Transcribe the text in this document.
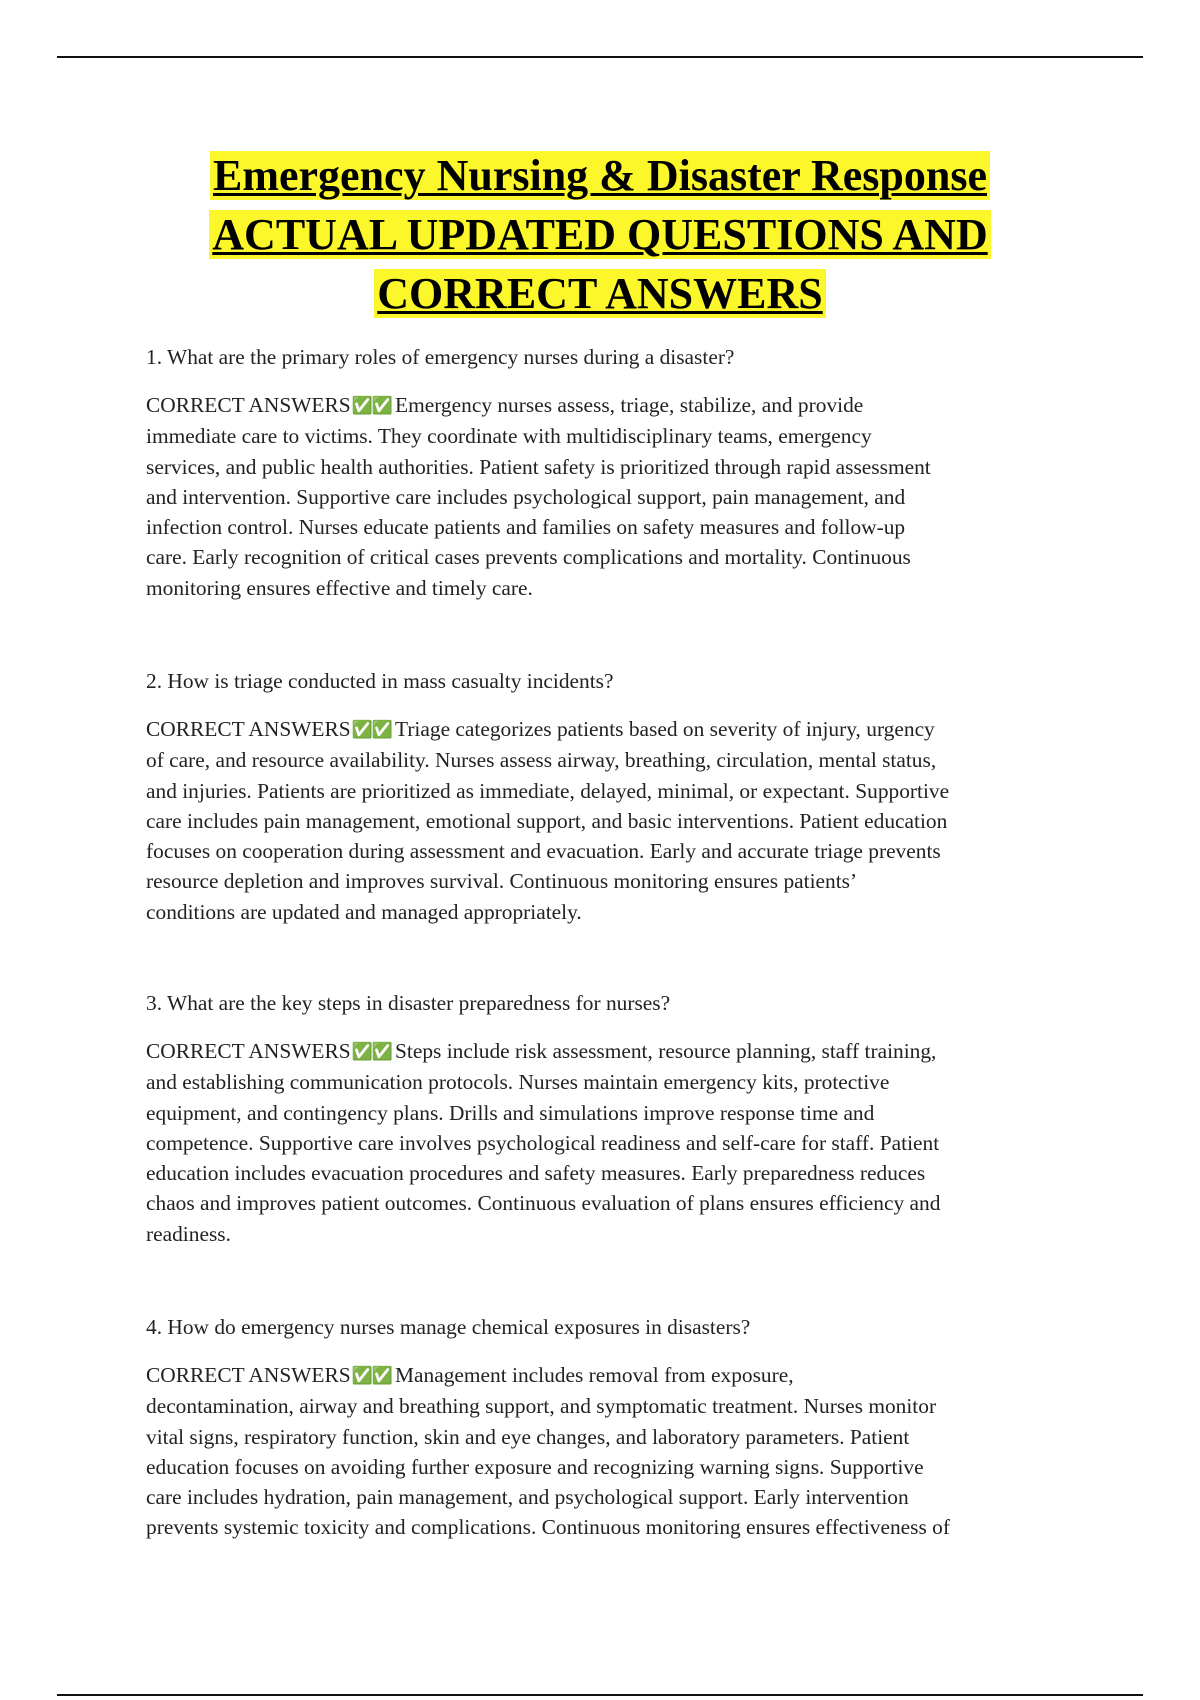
Emergency Nursing & Disaster Response
ACTUAL UPDATED QUESTIONS AND
CORRECT ANSWERS
1. What are the primary roles of emergency nurses during a disaster?
CORRECT ANSWERS✅✅ Emergency nurses assess, triage, stabilize, and provide
immediate care to victims. They coordinate with multidisciplinary teams, emergency
services, and public health authorities. Patient safety is prioritized through rapid assessment
and intervention. Supportive care includes psychological support, pain management, and
infection control. Nurses educate patients and families on safety measures and follow-up
care. Early recognition of critical cases prevents complications and mortality. Continuous
monitoring ensures effective and timely care.
2. How is triage conducted in mass casualty incidents?
CORRECT ANSWERS✅✅ Triage categorizes patients based on severity of injury, urgency
of care, and resource availability. Nurses assess airway, breathing, circulation, mental status,
and injuries. Patients are prioritized as immediate, delayed, minimal, or expectant. Supportive
care includes pain management, emotional support, and basic interventions. Patient education
focuses on cooperation during assessment and evacuation. Early and accurate triage prevents
resource depletion and improves survival. Continuous monitoring ensures patients’
conditions are updated and managed appropriately.
3. What are the key steps in disaster preparedness for nurses?
CORRECT ANSWERS✅✅ Steps include risk assessment, resource planning, staff training,
and establishing communication protocols. Nurses maintain emergency kits, protective
equipment, and contingency plans. Drills and simulations improve response time and
competence. Supportive care involves psychological readiness and self-care for staff. Patient
education includes evacuation procedures and safety measures. Early preparedness reduces
chaos and improves patient outcomes. Continuous evaluation of plans ensures efficiency and
readiness.
4. How do emergency nurses manage chemical exposures in disasters?
CORRECT ANSWERS✅✅ Management includes removal from exposure,
decontamination, airway and breathing support, and symptomatic treatment. Nurses monitor
vital signs, respiratory function, skin and eye changes, and laboratory parameters. Patient
education focuses on avoiding further exposure and recognizing warning signs. Supportive
care includes hydration, pain management, and psychological support. Early intervention
prevents systemic toxicity and complications. Continuous monitoring ensures effectiveness of
